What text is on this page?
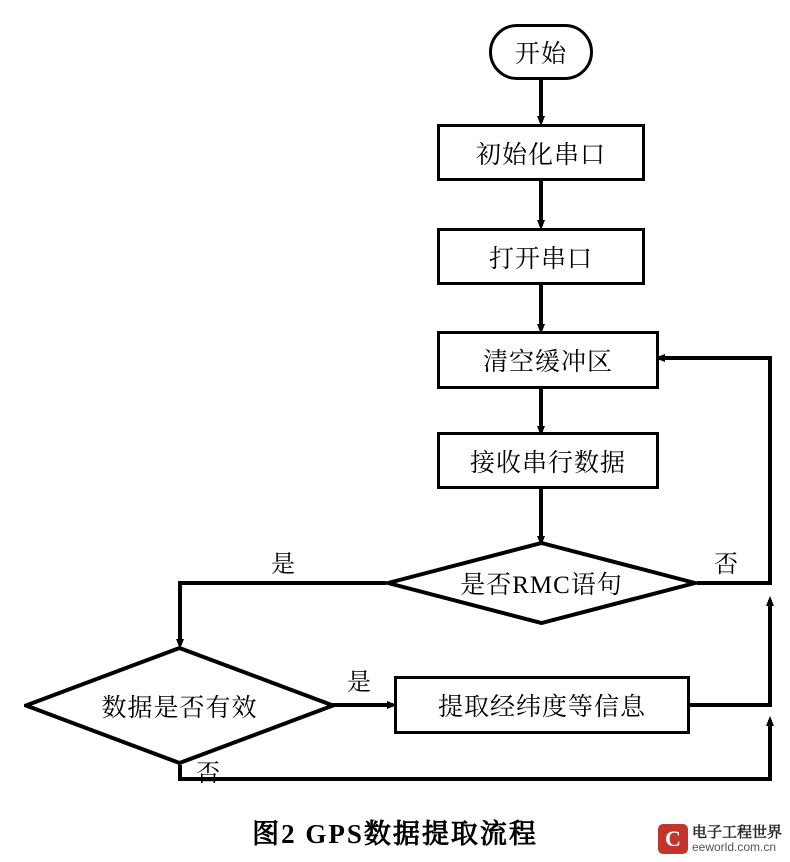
开始
初始化串口
打开串口
清空缓冲区
接收串行数据
是否RMC语句
数据是否有效	提取经纬度等信息
是	否
是
否
图2 GPS数据提取流程	C 电子工程世界
eeworld.com.cn
